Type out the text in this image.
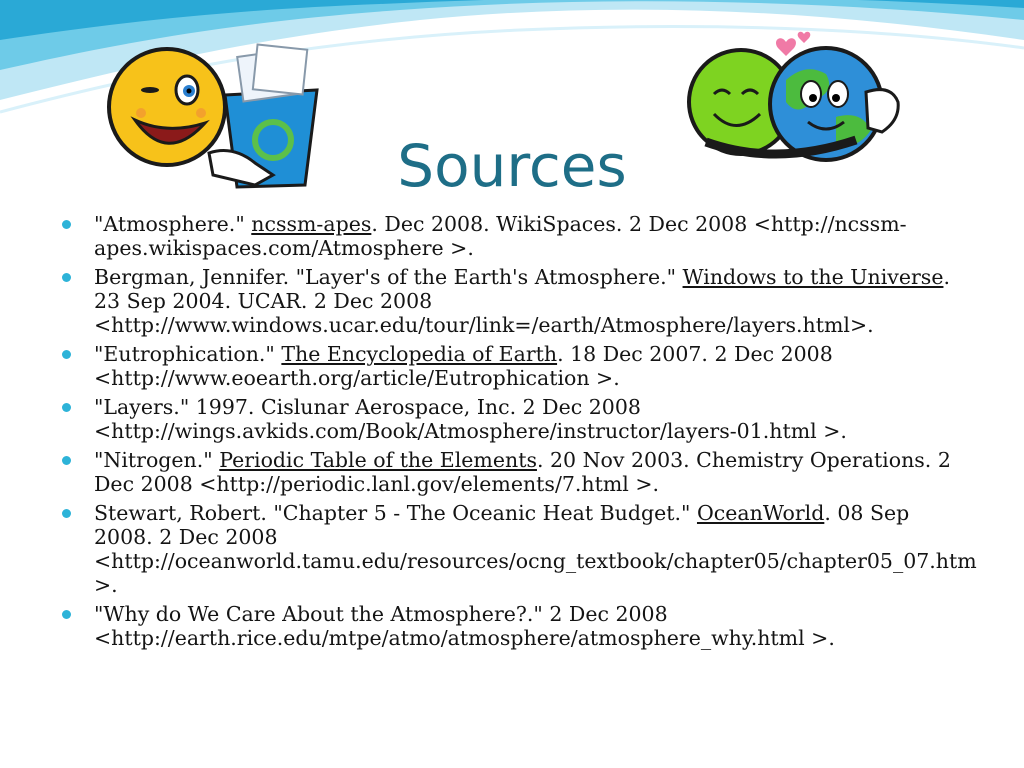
Sources
"Atmosphere." ncssm-apes. Dec 2008. WikiSpaces. 2 Dec 2008 <http://ncssm-apes.wikispaces.com/Atmosphere >.
Bergman, Jennifer. "Layer's of the Earth's Atmosphere." Windows to the Universe. 23 Sep 2004. UCAR. 2 Dec 2008 <http://www.windows.ucar.edu/tour/link=/earth/Atmosphere/layers.html>.
"Eutrophication." The Encyclopedia of Earth. 18 Dec 2007. 2 Dec 2008 <http://www.eoearth.org/article/Eutrophication >.
"Layers." 1997. Cislunar Aerospace, Inc. 2 Dec 2008 <http://wings.avkids.com/Book/Atmosphere/instructor/layers-01.html >.
"Nitrogen." Periodic Table of the Elements. 20 Nov 2003. Chemistry Operations. 2 Dec 2008 <http://periodic.lanl.gov/elements/7.html >.
Stewart, Robert. "Chapter 5 - The Oceanic Heat Budget." OceanWorld. 08 Sep 2008. 2 Dec 2008 <http://oceanworld.tamu.edu/resources/ocng_textbook/chapter05/chapter05_07.htm >.
"Why do We Care About the Atmosphere?." 2 Dec 2008 <http://earth.rice.edu/mtpe/atmo/atmosphere/atmosphere_why.html >.
